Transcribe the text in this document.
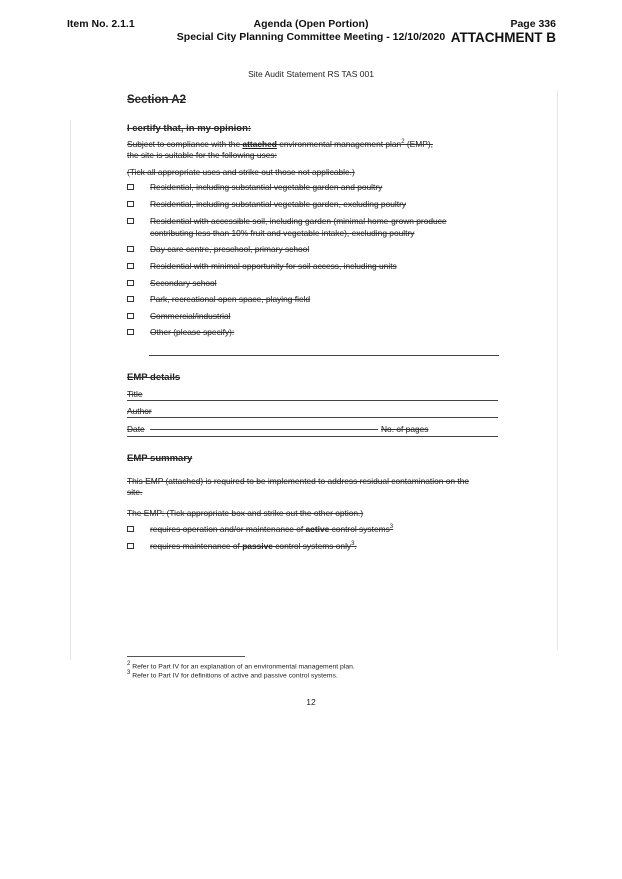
Item No. 2.1.1	Agenda (Open Portion)
Special City Planning Committee Meeting - 12/10/2020
Page 336
ATTACHMENT B
Site Audit Statement RS TAS 001
Section A2
I certify that, in my opinion:
Subject to compliance with the attached environmental management plan$^2$ (EMP),
the site is suitable for the following uses:
(Tick all appropriate uses and strike out those not applicable.)
Residential, including substantial vegetable garden and poultry
Residential, including substantial vegetable garden, excluding poultry
Residential with accessible soil, including garden (minimal home-grown produce
contributing less than 10% fruit and vegetable intake), excluding poultry
Day care centre, preschool, primary school
Residential with minimal opportunity for soil access, including units
Secondary school
Park, recreational open space, playing field
Commercial/industrial
Other (please specify):
EMP details
Title
Author
Date	No. of pages
EMP summary
This EMP (attached) is required to be implemented to address residual contamination on the
site.
The EMP: (Tick appropriate box and strike out the other option.)
requires operation and/or maintenance of active control systems$^3$
requires maintenance of passive control systems only$^3$.
$^2$ Refer to Part IV for an explanation of an environmental management plan.
$^3$ Refer to Part IV for definitions of active and passive control systems.
12
